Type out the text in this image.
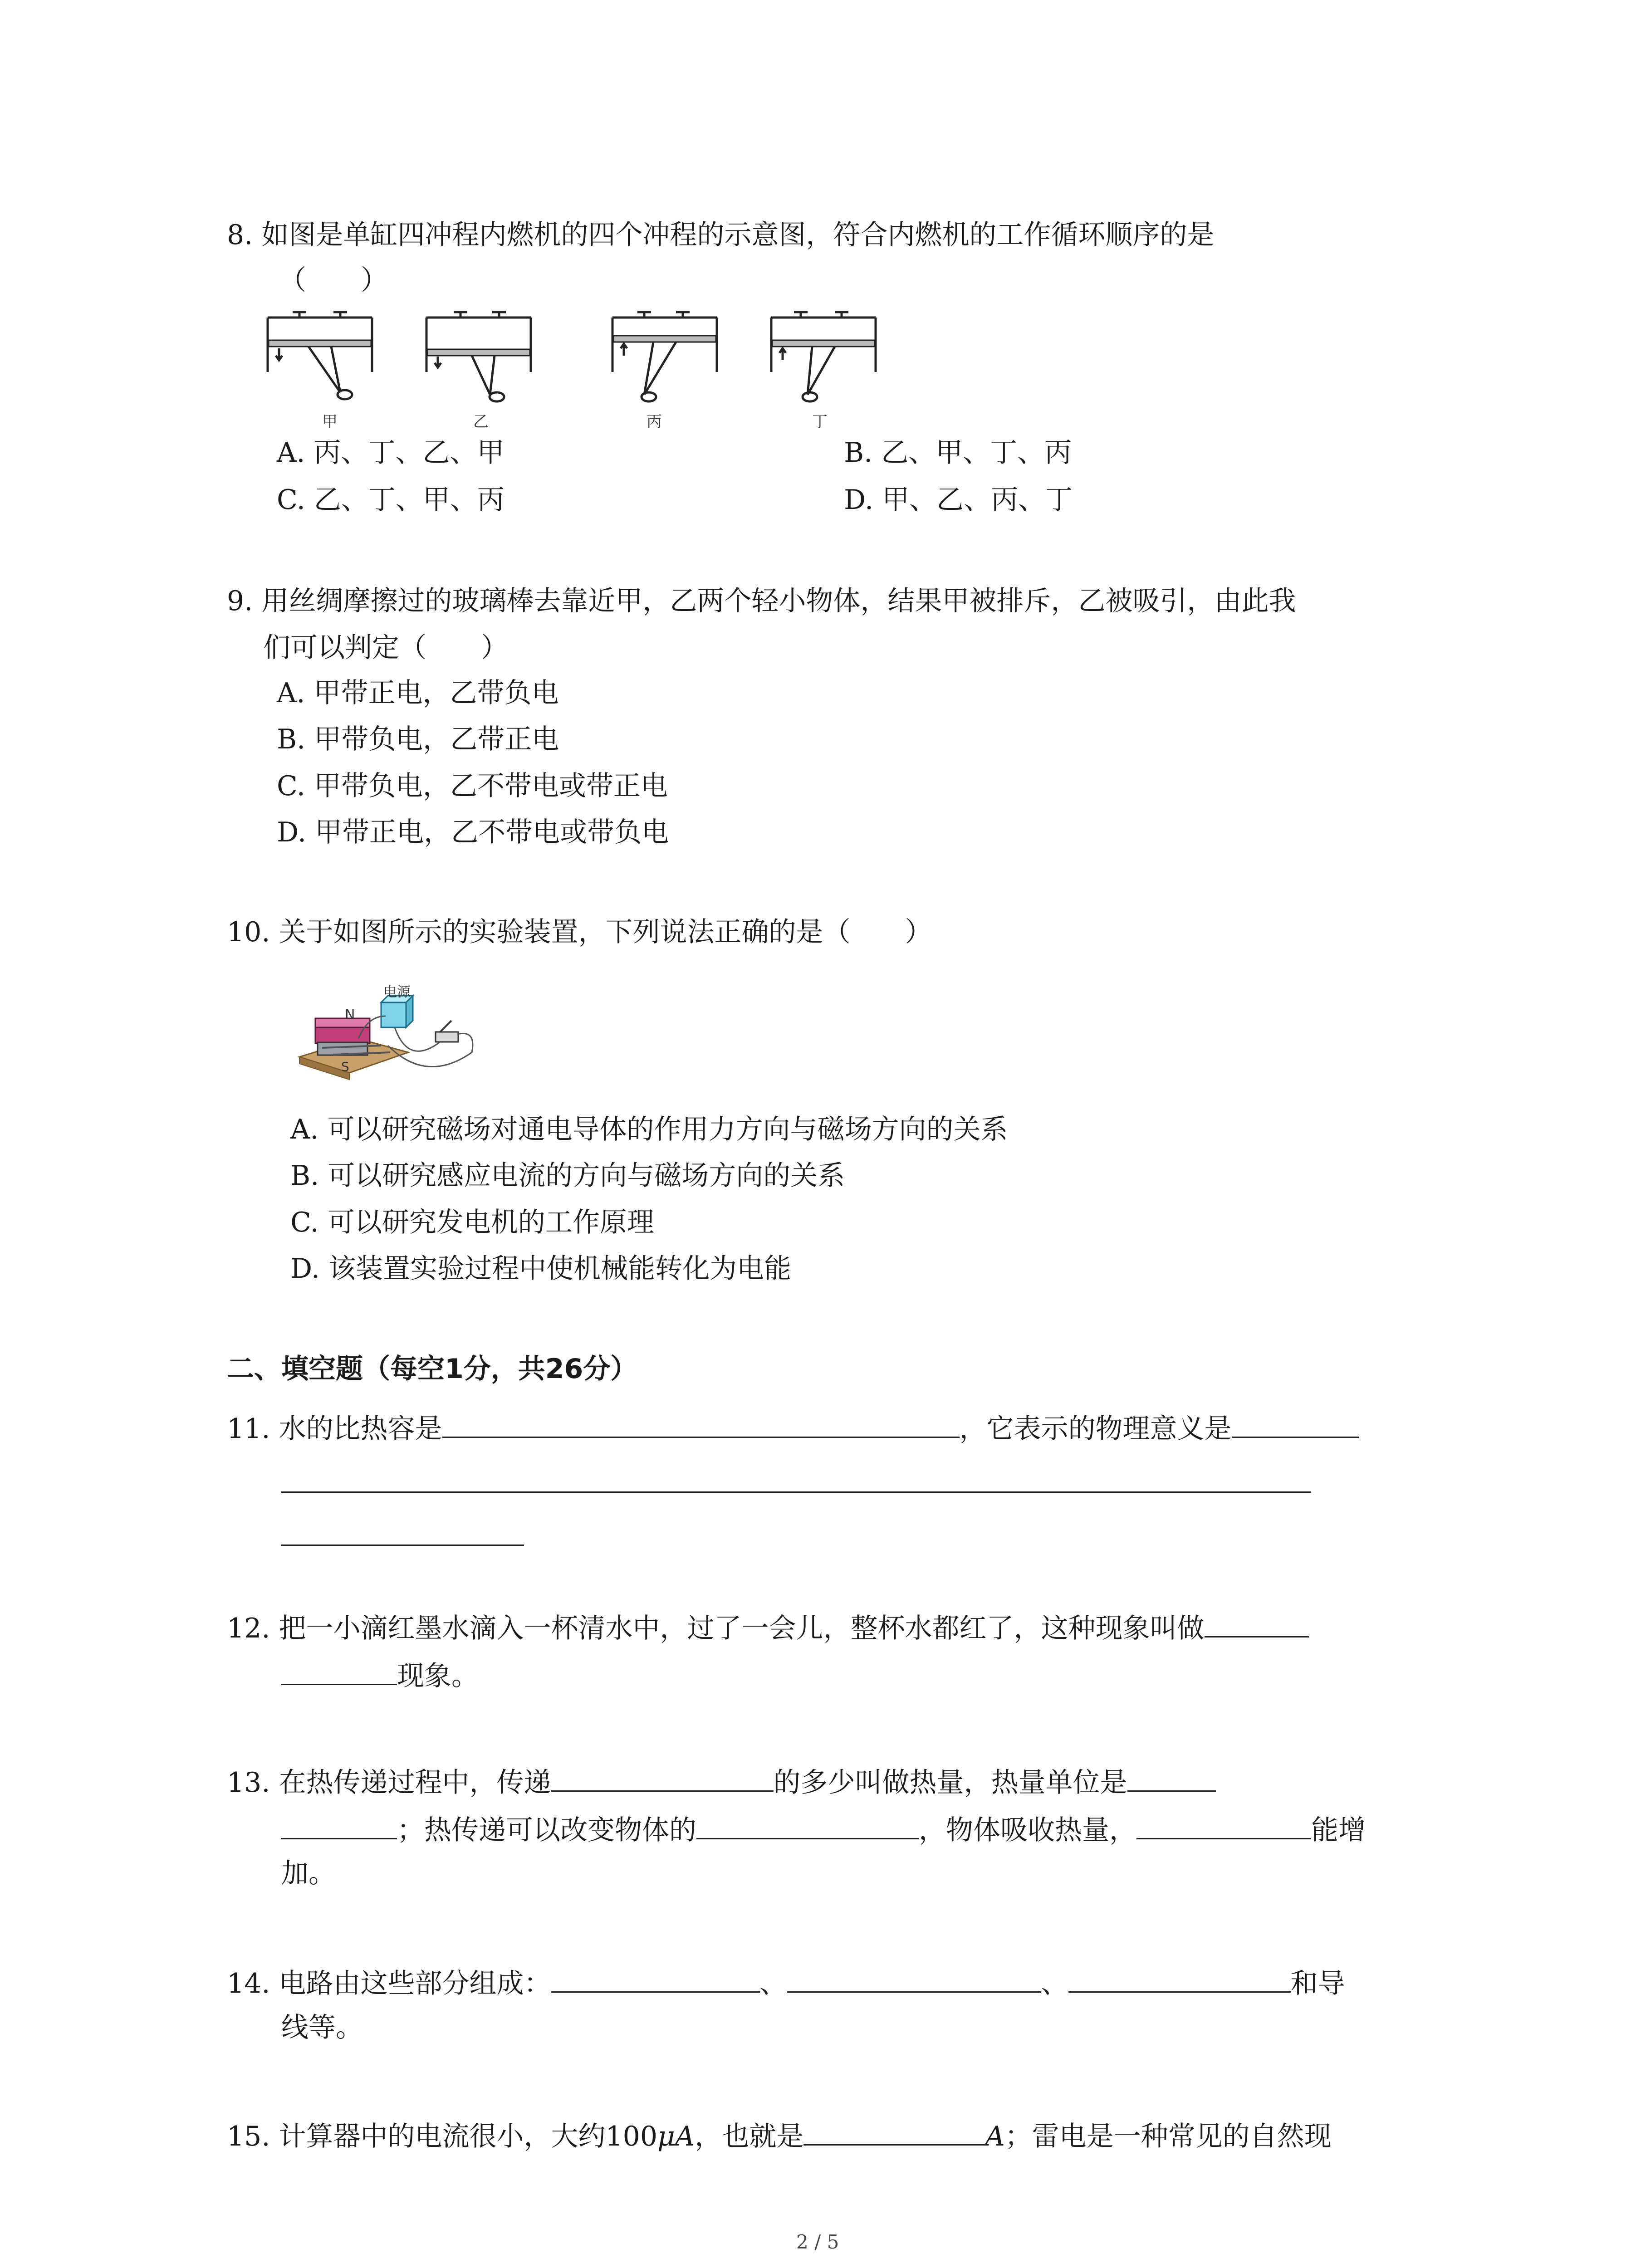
8. 如图是单缸四冲程内燃机的四个冲程的示意图，符合内燃机的工作循环顺序的是
（　　）
甲	乙	丙	丁
A. 丙、丁、乙、甲	B. 乙、甲、丁、丙
C. 乙、丁、甲、丙	D. 甲、乙、丙、丁
9. 用丝绸摩擦过的玻璃棒去靠近甲，乙两个轻小物体，结果甲被排斥，乙被吸引，由此我
们可以判定（　　）
A. 甲带正电，乙带负电
B. 甲带负电，乙带正电
C. 甲带负电，乙不带电或带正电
D. 甲带正电，乙不带电或带负电
10. 关于如图所示的实验装置，下列说法正确的是（　　）
电源
N
S
A. 可以研究磁场对通电导体的作用力方向与磁场方向的关系
B. 可以研究感应电流的方向与磁场方向的关系
C. 可以研究发电机的工作原理
D. 该装置实验过程中使机械能转化为电能
二、填空题（每空1分，共26分）
11. 水的比热容是	，它表示的物理意义是
12. 把一小滴红墨水滴入一杯清水中，过了一会儿，整杯水都红了，这种现象叫做
现象。
13. 在热传递过程中，传递	的多少叫做热量，热量单位是
；热传递可以改变物体的	，物体吸收热量，	能增
加。
14. 电路由这些部分组成：	、	、	和导
线等。
15. 计算器中的电流很小，大约100μA，也就是	A；雷电是一种常见的自然现
2 / 5
